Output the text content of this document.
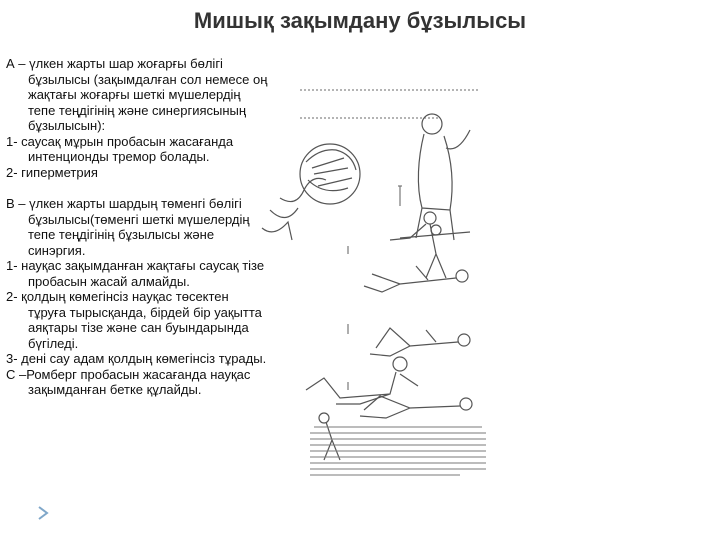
Мишық зақымдану бұзылысы

А – үлкен жарты шар жоғарғы бөлігі

бұзылысы (зақымдалған сол немесе оң

жақтағы жоғарғы шеткі мүшелердің

тепе теңдігінің және синергиясының

бұзылысын):

1- саусақ мұрын пробасын жасағанда

интенционды тремор болады.

2- гиперметрия

В – үлкен жарты шардың төменгі бөлігі

бұзылысы(төменгі шеткі мүшелердің

тепе теңдігінің бұзылысы және

синэргия.

1- науқас зақымданған жақтағы саусақ тізе

пробасын жасай алмайды.

2- қолдың көмегінсіз науқас төсектен

тұруға тырысқанда, бірдей бір уақытта

аяқтары тізе және сан буындарында

бүгіледі.

3- дені сау адам қолдың көмегінсіз тұрады.

С –Ромберг пробасын жасағанда науқас

зақымданған бетке құлайды.
